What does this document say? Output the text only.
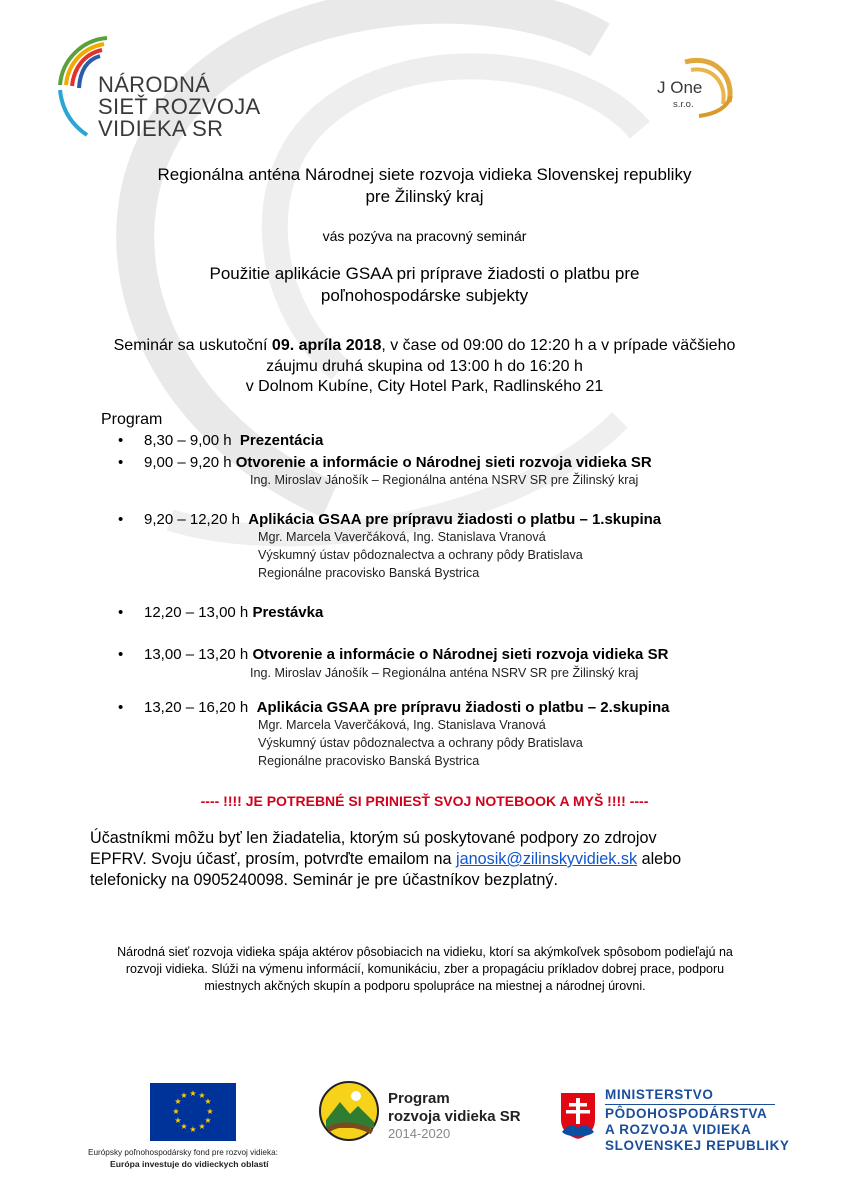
NÁRODNÁ
SIEŤ ROZVOJA
VIDIEKA SR
J One
s.r.o.
Regionálna anténa Národnej siete rozvoja vidieka Slovenskej republiky
pre Žilinský kraj
vás pozýva na pracovný seminár
Použitie aplikácie GSAA pri príprave žiadosti o platbu pre
poľnohospodárske subjekty
Seminár sa uskutoční 09. apríla 2018, v čase od 09:00 do 12:20 h a v prípade väčšieho
záujmu druhá skupina od 13:00 h do 16:20 h
v Dolnom Kubíne, City Hotel Park, Radlinského 21
Program
• 8,30 – 9,00 h Prezentácia
• 9,00 – 9,20 h Otvorenie a informácie o Národnej sieti rozvoja vidieka SR
Ing. Miroslav Jánošík – Regionálna anténa NSRV SR pre Žilinský kraj
• 9,20 – 12,20 h Aplikácia GSAA pre prípravu žiadosti o platbu – 1.skupina
Mgr. Marcela Vaverčáková, Ing. Stanislava Vranová
Výskumný ústav pôdoznalectva a ochrany pôdy Bratislava
Regionálne pracovisko Banská Bystrica
• 12,20 – 13,00 h Prestávka
• 13,00 – 13,20 h Otvorenie a informácie o Národnej sieti rozvoja vidieka SR
Ing. Miroslav Jánošík – Regionálna anténa NSRV SR pre Žilinský kraj
• 13,20 – 16,20 h Aplikácia GSAA pre prípravu žiadosti o platbu – 2.skupina
Mgr. Marcela Vaverčáková, Ing. Stanislava Vranová
Výskumný ústav pôdoznalectva a ochrany pôdy Bratislava
Regionálne pracovisko Banská Bystrica
---- !!!! JE POTREBNÉ SI PRINIESŤ SVOJ NOTEBOOK A MYŠ !!!! ----
Účastníkmi môžu byť len žiadatelia, ktorým sú poskytované podpory zo zdrojov
EPFRV. Svoju účasť, prosím, potvrďte emailom na janosik@zilinskyvidiek.sk alebo
telefonicky na 0905240098. Seminár je pre účastníkov bezplatný.
Národná sieť rozvoja vidieka spája aktérov pôsobiacich na vidieku, ktorí sa akýmkoľvek spôsobom podieľajú na rozvoji vidieka. Slúži na výmenu informácií, komunikáciu, zber a propagáciu príkladov dobrej prace, podporu miestnych akčných skupín a podporu spolupráce na miestnej a národnej úrovni.
★ ★
★
★
★
★
★
★
★
★
★
★
Európsky poľnohospodársky fond pre rozvoj vidieka:
Európa investuje do vidieckych oblastí
Program
rozvoja vidieka SR
2014-2020
MINISTERSTVO
PÔDOHOSPODÁRSTVA
A ROZVOJA VIDIEKA
SLOVENSKEJ REPUBLIKY
